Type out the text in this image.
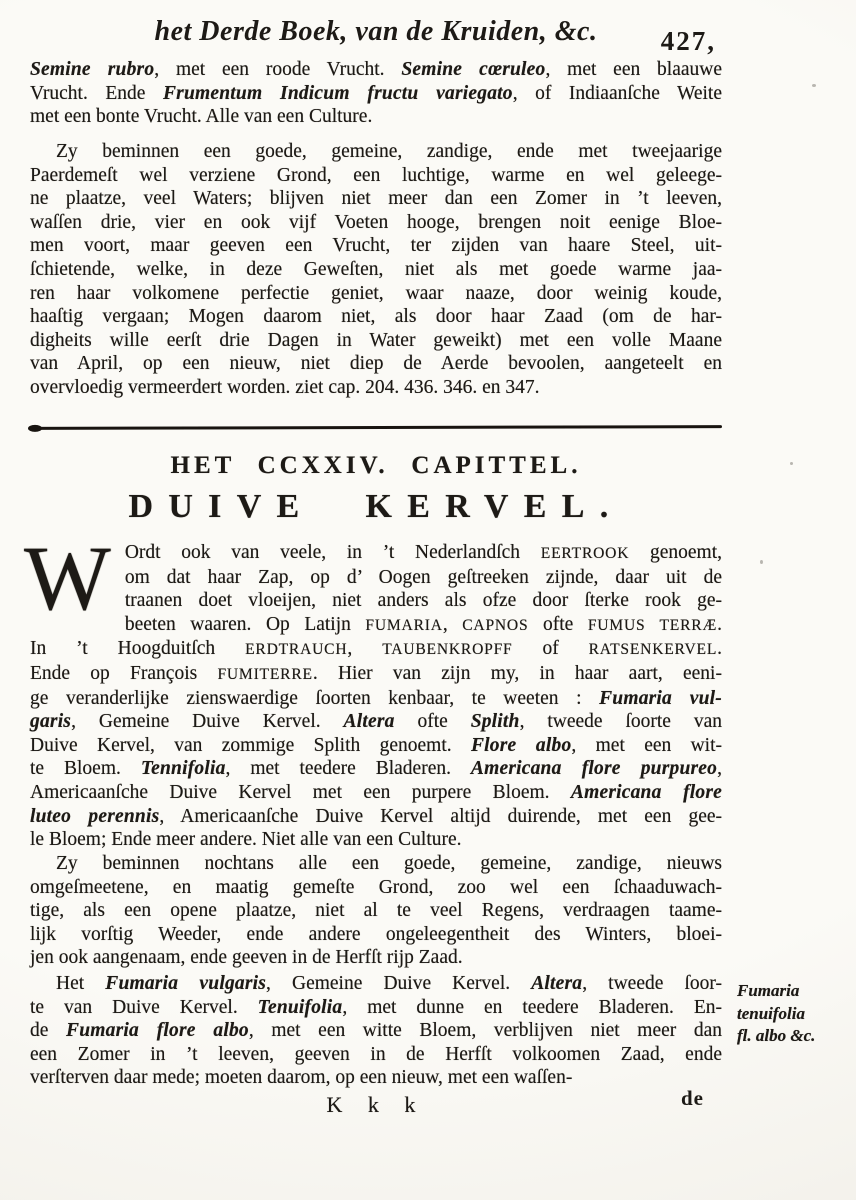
het Derde Boek, van de Kruiden, &c.	427,
Semine rubro, met een roode Vrucht. Semine cœruleo, met een blaauwe
Vrucht. Ende Frumentum Indicum fructu variegato, of Indiaanſche Weite
met een bonte Vrucht. Alle van een Culture.
Zy beminnen een goede, gemeine, zandige, ende met tweejaarige
Paerdemeſt wel verziene Grond, een luchtige, warme en wel geleege-
ne plaatze, veel Waters; blijven niet meer dan een Zomer in ’t leeven,
waſſen drie, vier en ook vijf Voeten hooge, brengen noit eenige Bloe-
men voort, maar geeven een Vrucht, ter zijden van haare Steel, uit-
ſchietende, welke, in deze Geweſten, niet als met goede warme jaa-
ren haar volkomene perfectie geniet, waar naaze, door weinig koude,
haaſtig vergaan; Mogen daarom niet, als door haar Zaad (om de har-
digheits wille eerſt drie Dagen in Water geweikt) met een volle Maane
van April, op een nieuw, niet diep de Aerde bevoolen, aangeteelt en
overvloedig vermeerdert worden. ziet cap. 204. 436. 346. en 347.
HET CCXXIV. CAPITTEL.
DUIVE KERVEL.
W Ordt ook van veele, in ’t Nederlandſch EERTROOK genoemt,
om dat haar Zap, op d’ Oogen geſtreeken zijnde, daar uit de
traanen doet vloeijen, niet anders als ofze door ſterke rook ge-
beeten waaren. Op Latijn FUMARIA, CAPNOS ofte FUMUS TERRÆ.
In ’t Hoogduitſch ERDTRAUCH, TAUBENKROPFF of RATSENKERVEL.
Ende op François FUMITERRE. Hier van zijn my, in haar aart, eeni-
ge veranderlijke zienswaerdige ſoorten kenbaar, te weeten : Fumaria vul-
garis, Gemeine Duive Kervel. Altera ofte Splith, tweede ſoorte van
Duive Kervel, van zommige Splith genoemt. Flore albo, met een wit-
te Bloem. Tennifolia, met teedere Bladeren. Americana flore purpureo,
Americaanſche Duive Kervel met een purpere Bloem. Americana flore
luteo perennis, Americaanſche Duive Kervel altijd duirende, met een gee-
le Bloem; Ende meer andere. Niet alle van een Culture.
Zy beminnen nochtans alle een goede, gemeine, zandige, nieuws
omgeſmeetene, en maatig gemeſte Grond, zoo wel een ſchaaduwach-
tige, als een opene plaatze, niet al te veel Regens, verdraagen taame-
lijk vorſtig Weeder, ende andere ongeleegentheit des Winters, bloei-
jen ook aangenaam, ende geeven in de Herfſt rijp Zaad.
Het Fumaria vulgaris, Gemeine Duive Kervel. Altera, tweede ſoor-
te van Duive Kervel. Tenuifolia, met dunne en teedere Bladeren. En-
de Fumaria flore albo, met een witte Bloem, verblijven niet meer dan
een Zomer in ’t leeven, geeven in de Herfſt volkoomen Zaad, ende
verſterven daar mede; moeten daarom, op een nieuw, met een waſſen-
Fumaria
tenuifolia
fl. albo &c.
K k k	de
